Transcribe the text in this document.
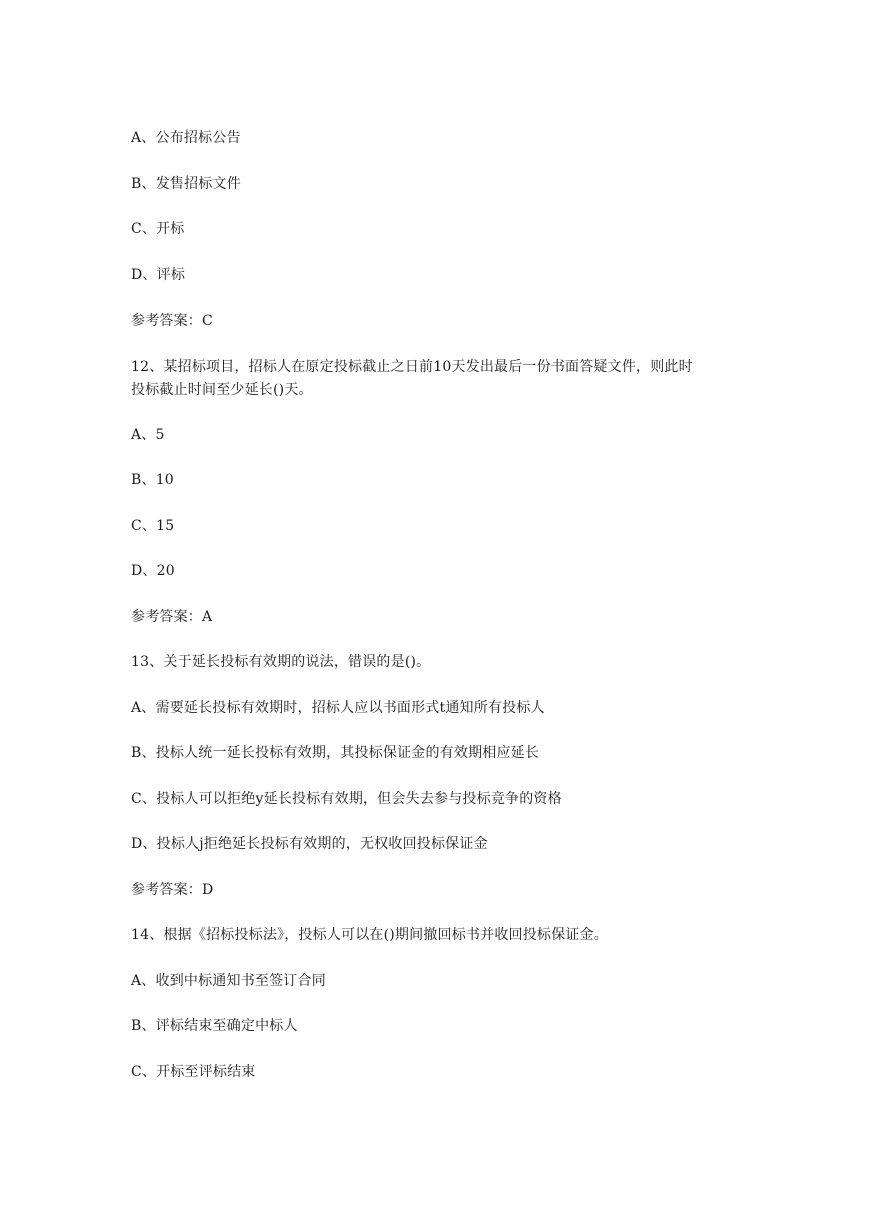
A、公布招标公告
B、发售招标文件
C、开标
D、评标
参考答案：C
12、某招标项目，招标人在原定投标截止之日前10天发出最后一份书面答疑文件，则此时
投标截止时间至少延长()天。
A、5
B、10
C、15
D、20
参考答案：A
13、关于延长投标有效期的说法，错误的是()。
A、需要延长投标有效期时，招标人应以书面形式t通知所有投标人
B、投标人统一延长投标有效期，其投标保证金的有效期相应延长
C、投标人可以拒绝y延长投标有效期，但会失去参与投标竞争的资格
D、投标人j拒绝延长投标有效期的，无权收回投标保证金
参考答案：D
14、根据《招标投标法》，投标人可以在()期间撤回标书并收回投标保证金。
A、收到中标通知书至签订合同
B、评标结束至确定中标人
C、开标至评标结束
